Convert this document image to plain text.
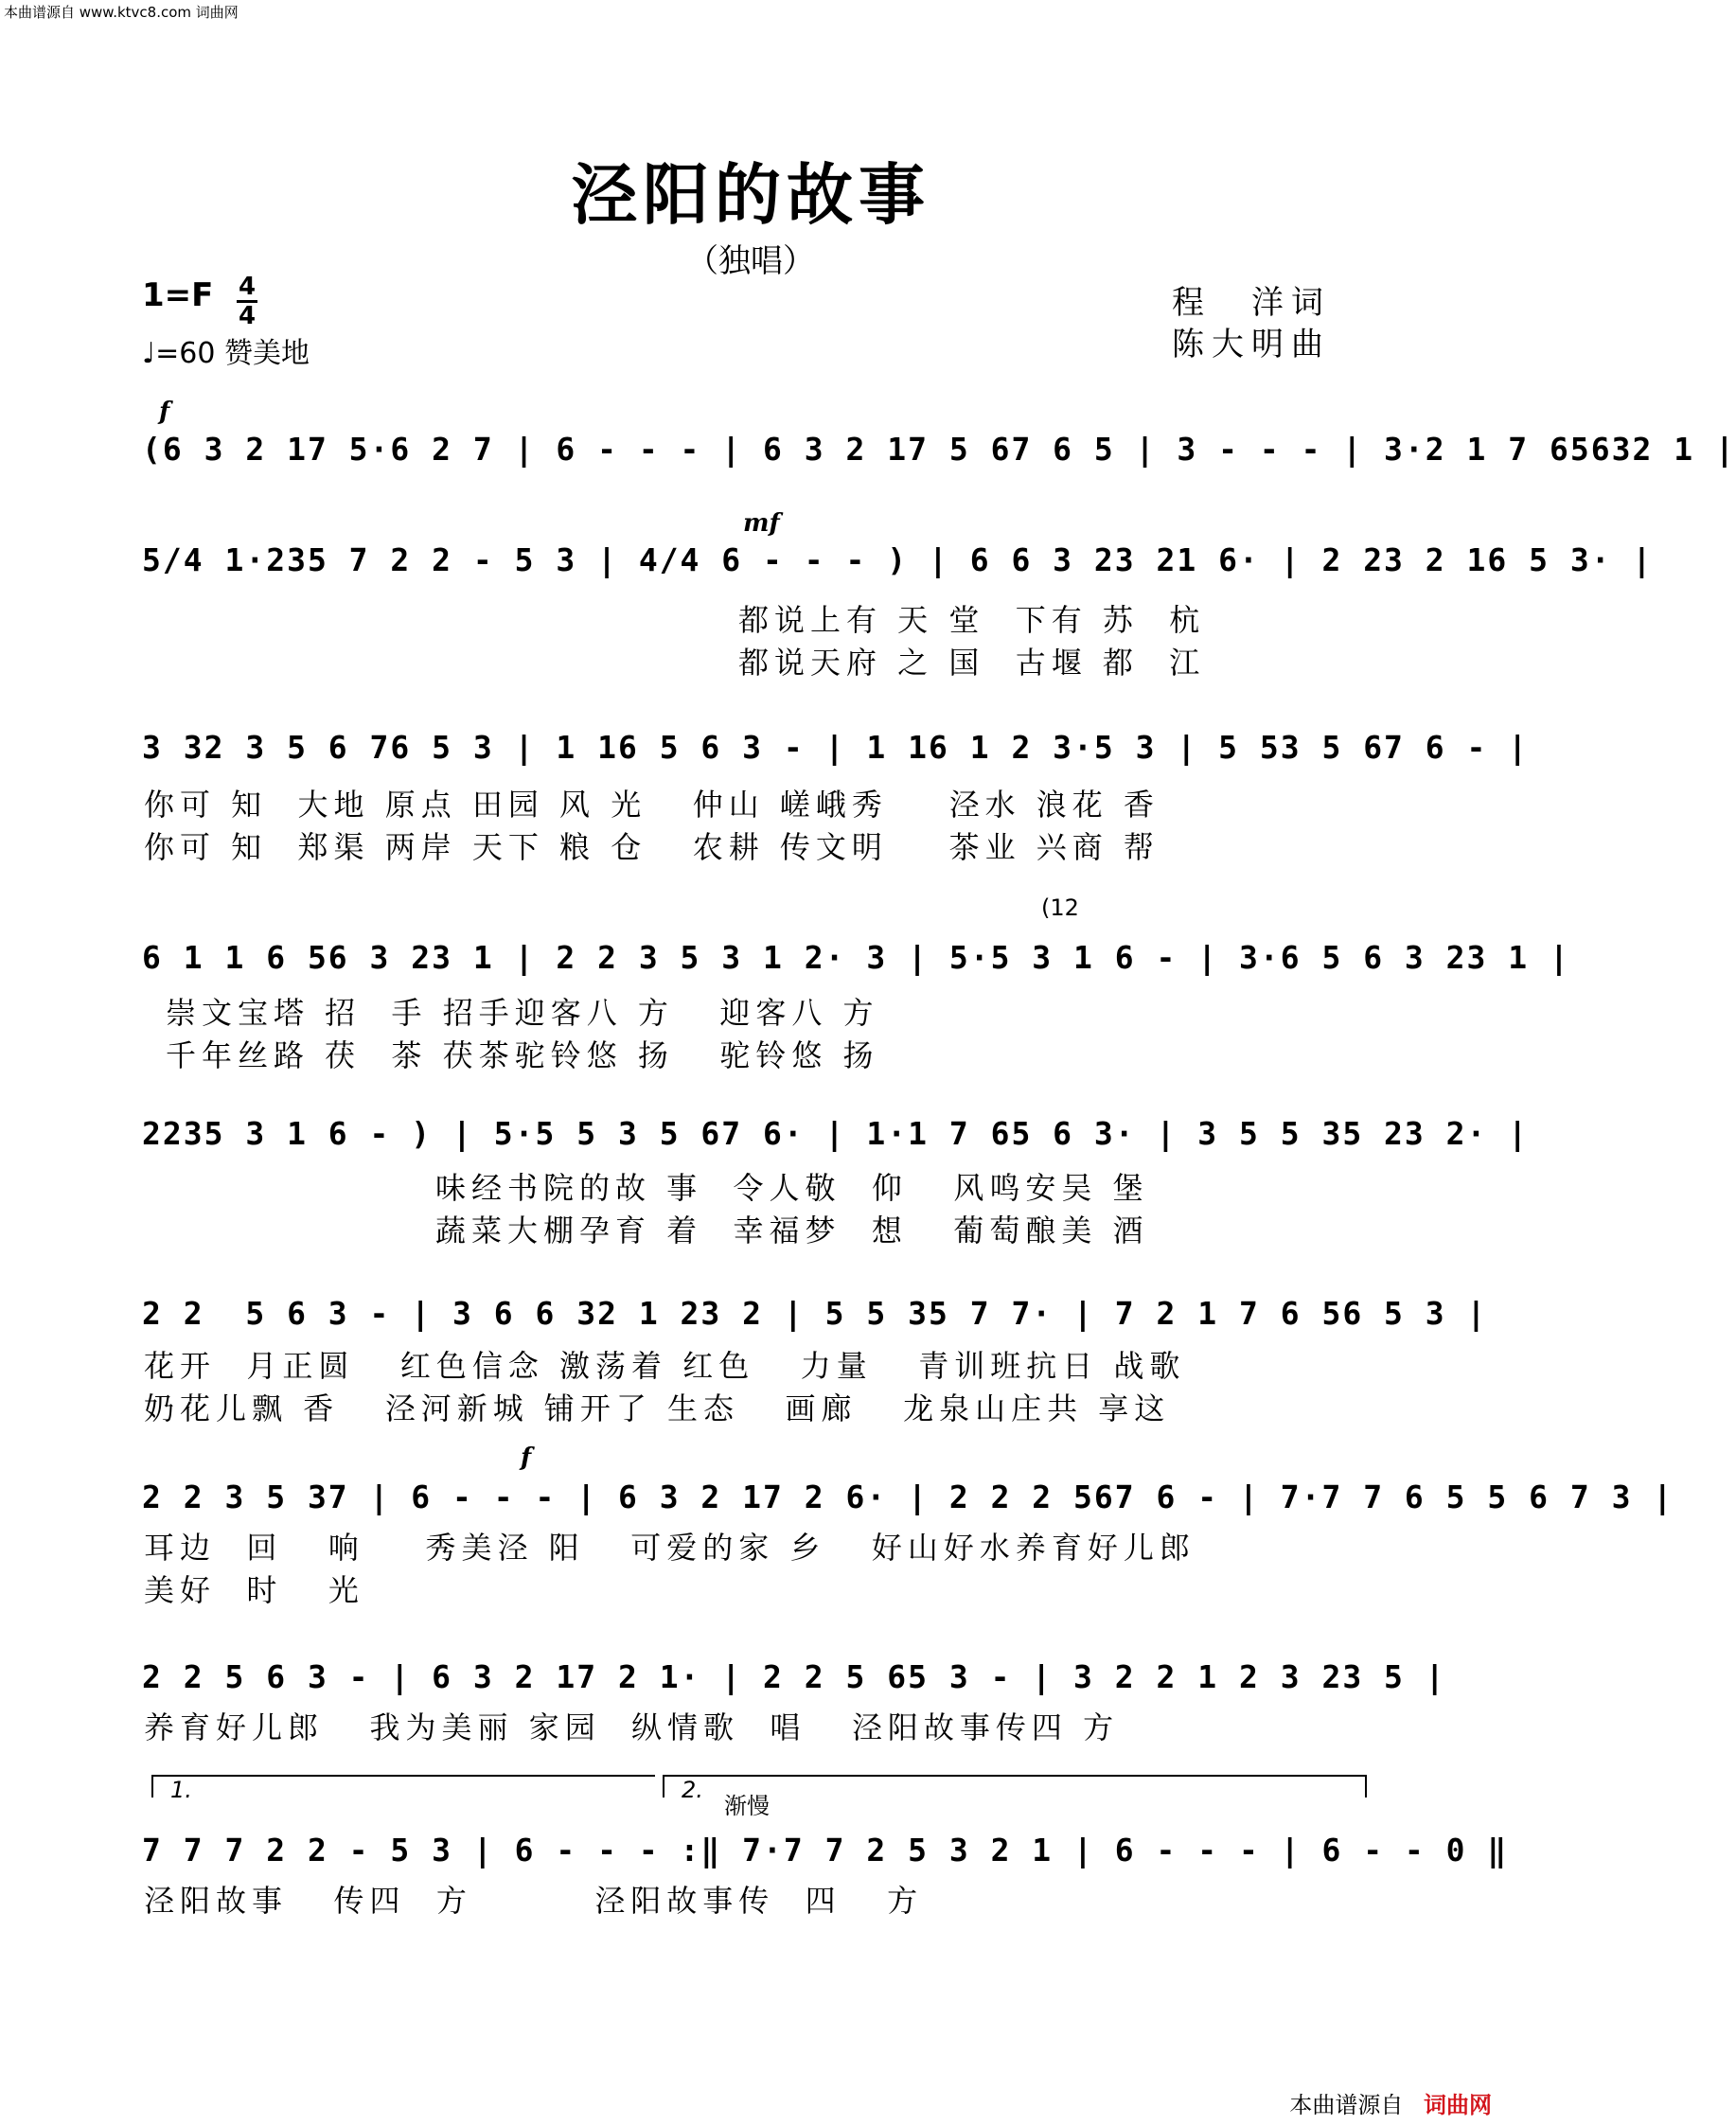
本曲谱源自 www.ktvc8.com 词曲网
泾阳的故事
（独唱）
1=F 4
4
♩=60 赞美地
程　洋词
陈大明曲
f
(6 3 2 17 5·6 2 7 | 6 - - - | 6 3 2 17 5 67 6 5 | 3 - - - | 3·2 1 7 65632 1 |
mf
5/4 1·235 7 2 2 - 5 3 | 4/4 6 - - - ) | 6 6 3 23 21 6· | 2 23 2 16 5 3· |
都说上有 天 堂  下有 苏  杭
都说天府 之 国  古堰 都  江
3 32 3 5 6 76 5 3 | 1 16 5 6 3 - | 1 16 1 2 3·5 3 | 5 53 5 67 6 - |
你可 知  大地 原点 田园 风 光   仲山 嵯峨秀    泾水 浪花 香
你可 知  郑渠 两岸 天下 粮 仓   农耕 传文明    茶业 兴商 帮
(12
6 1 1 6 56 3 23 1 | 2 2 3 5 3 1 2· 3 | 5·5 3 1 6 - | 3·6 5 6 3 23 1 |
崇文宝塔 招  手 招手迎客八 方   迎客八 方
千年丝路 茯  茶 茯茶驼铃悠 扬   驼铃悠 扬
2235 3 1 6 - ) | 5·5 5 3 5 67 6· | 1·1 7 65 6 3· | 3 5 5 35 23 2· |
味经书院的故 事  令人敬  仰   风鸣安吴 堡
蔬菜大棚孕育 着  幸福梦  想   葡萄酿美 酒
2 2  5 6 3 - | 3 6 6 32 1 23 2 | 5 5 35 7 7· | 7 2 1 7 6 56 5 3 |
花开  月正圆   红色信念 激荡着 红色   力量   青训班抗日 战歌
奶花儿飘 香   泾河新城 铺开了 生态   画廊   龙泉山庄共 享这
f
2 2 3 5 37 | 6 - - - | 6 3 2 17 2 6· | 2 2 2 567 6 - | 7·7 7 6 5 5 6 7 3 |
耳边  回   响    秀美泾 阳   可爱的家 乡   好山好水养育好儿郎
美好  时   光
2 2 5 6 3 - | 6 3 2 17 2 1· | 2 2 5 65 3 - | 3 2 2 1 2 3 23 5 |
养育好儿郎   我为美丽 家园  纵情歌  唱   泾阳故事传四 方
1.	2.
渐慢
7 7 7 2 2 - 5 3 | 6 - - - :‖ 7·7 7 2 5 3 2 1 | 6 - - - | 6 - - 0 ‖
泾阳故事   传四  方        泾阳故事传  四   方
本曲谱源自 词曲网
